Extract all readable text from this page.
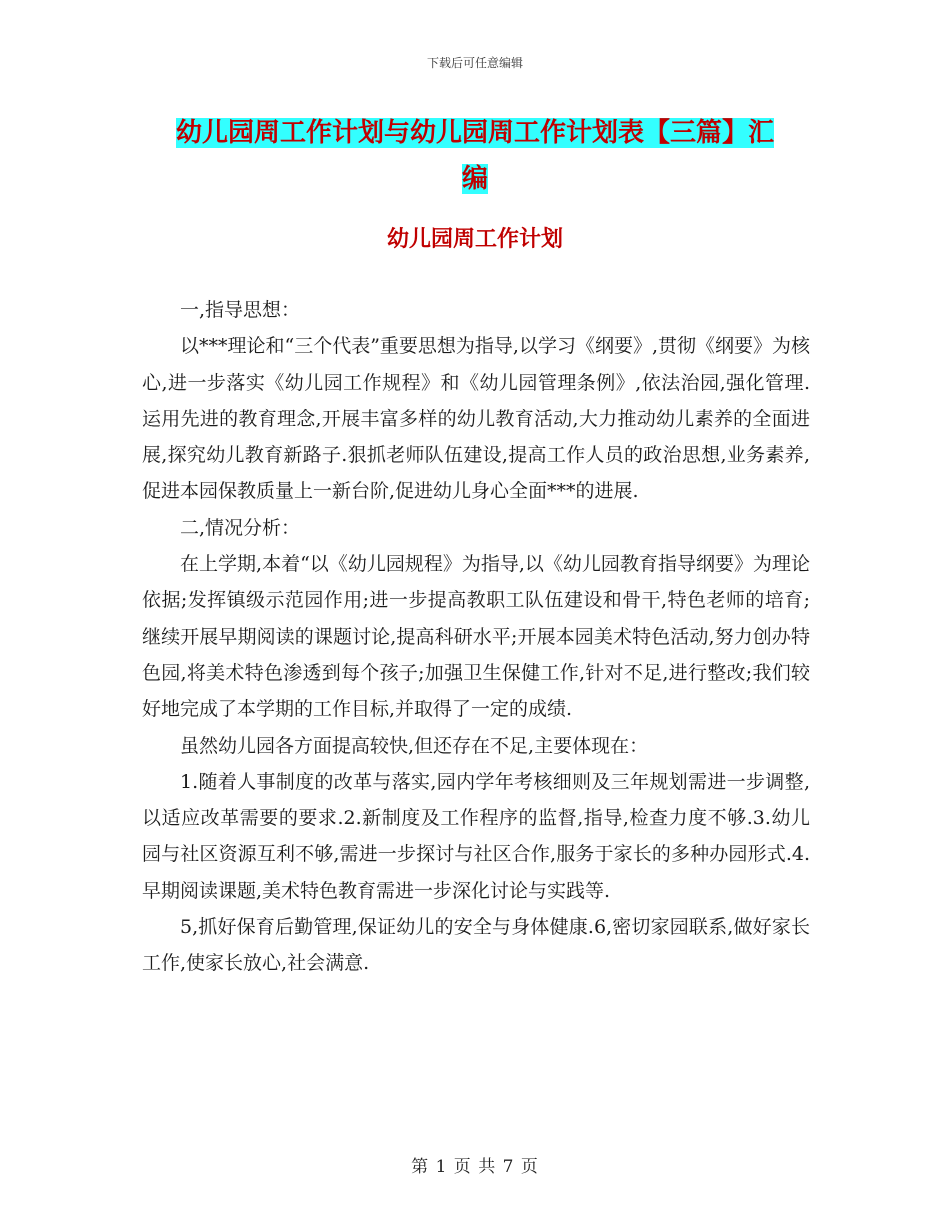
下载后可任意编辑
幼儿园周工作计划与幼儿园周工作计划表【三篇】汇
编
幼儿园周工作计划

一,指导思想：

以***理论和“三个代表”重要思想为指导,以学习《纲要》,贯彻《纲要》为核心,进一步落实《幼儿园工作规程》和《幼儿园管理条例》,依法治园,强化管理.运用先进的教育理念,开展丰富多样的幼儿教育活动,大力推动幼儿素养的全面进展,探究幼儿教育新路子.狠抓老师队伍建设,提高工作人员的政治思想,业务素养,促进本园保教质量上一新台阶,促进幼儿身心全面***的进展.

二,情况分析：

在上学期,本着“以《幼儿园规程》为指导,以《幼儿园教育指导纲要》为理论依据;发挥镇级示范园作用;进一步提高教职工队伍建设和骨干,特色老师的培育;继续开展早期阅读的课题讨论,提高科研水平;开展本园美术特色活动,努力创办特色园,将美术特色渗透到每个孩子;加强卫生保健工作,针对不足,进行整改;我们较好地完成了本学期的工作目标,并取得了一定的成绩.

虽然幼儿园各方面提高较快,但还存在不足,主要体现在：

1.随着人事制度的改革与落实,园内学年考核细则及三年规划需进一步调整,以适应改革需要的要求.2.新制度及工作程序的监督,指导,检查力度不够.3.幼儿园与社区资源互利不够,需进一步探讨与社区合作,服务于家长的多种办园形式.4.早期阅读课题,美术特色教育需进一步深化讨论与实践等.

5,抓好保育后勤管理,保证幼儿的安全与身体健康.6,密切家园联系,做好家长工作,使家长放心,社会满意.

第 1 页 共 7 页
